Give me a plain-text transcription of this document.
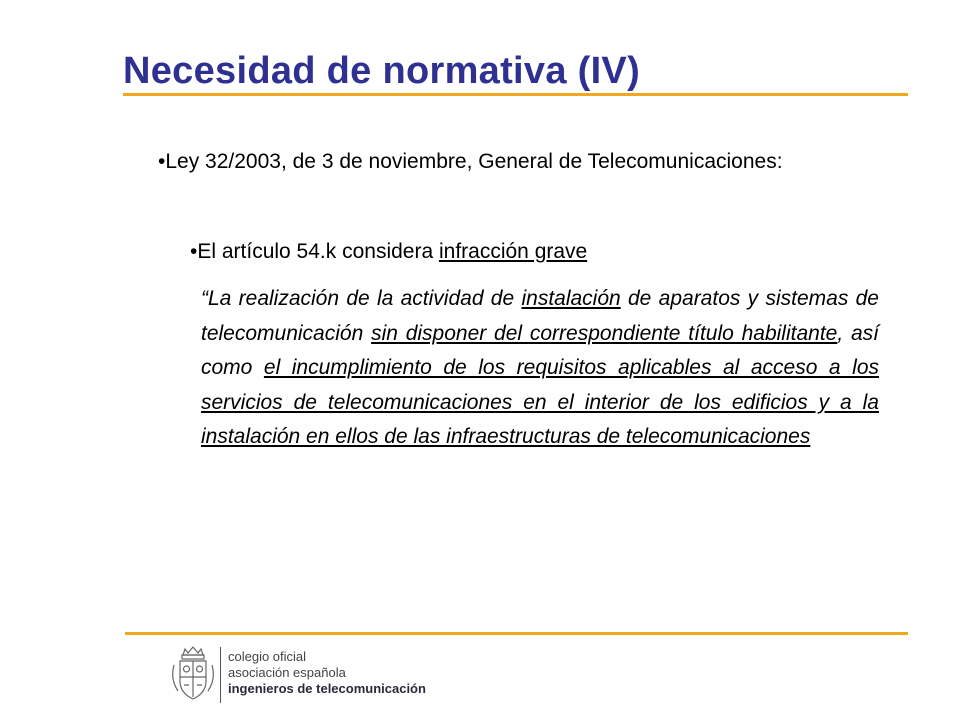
Necesidad de normativa (IV)
•Ley 32/2003, de 3 de noviembre, General de Telecomunicaciones:
•El artículo 54.k considera infracción grave
“La realización de la actividad de instalación de aparatos y sistemas de telecomunicación sin disponer del correspondiente título habilitante, así como el incumplimiento de los requisitos aplicables al acceso a los servicios de telecomunicaciones en el interior de los edificios y a la instalación en ellos de las infraestructuras de telecomunicaciones
colegio oficial
asociación española
ingenieros de telecomunicación
